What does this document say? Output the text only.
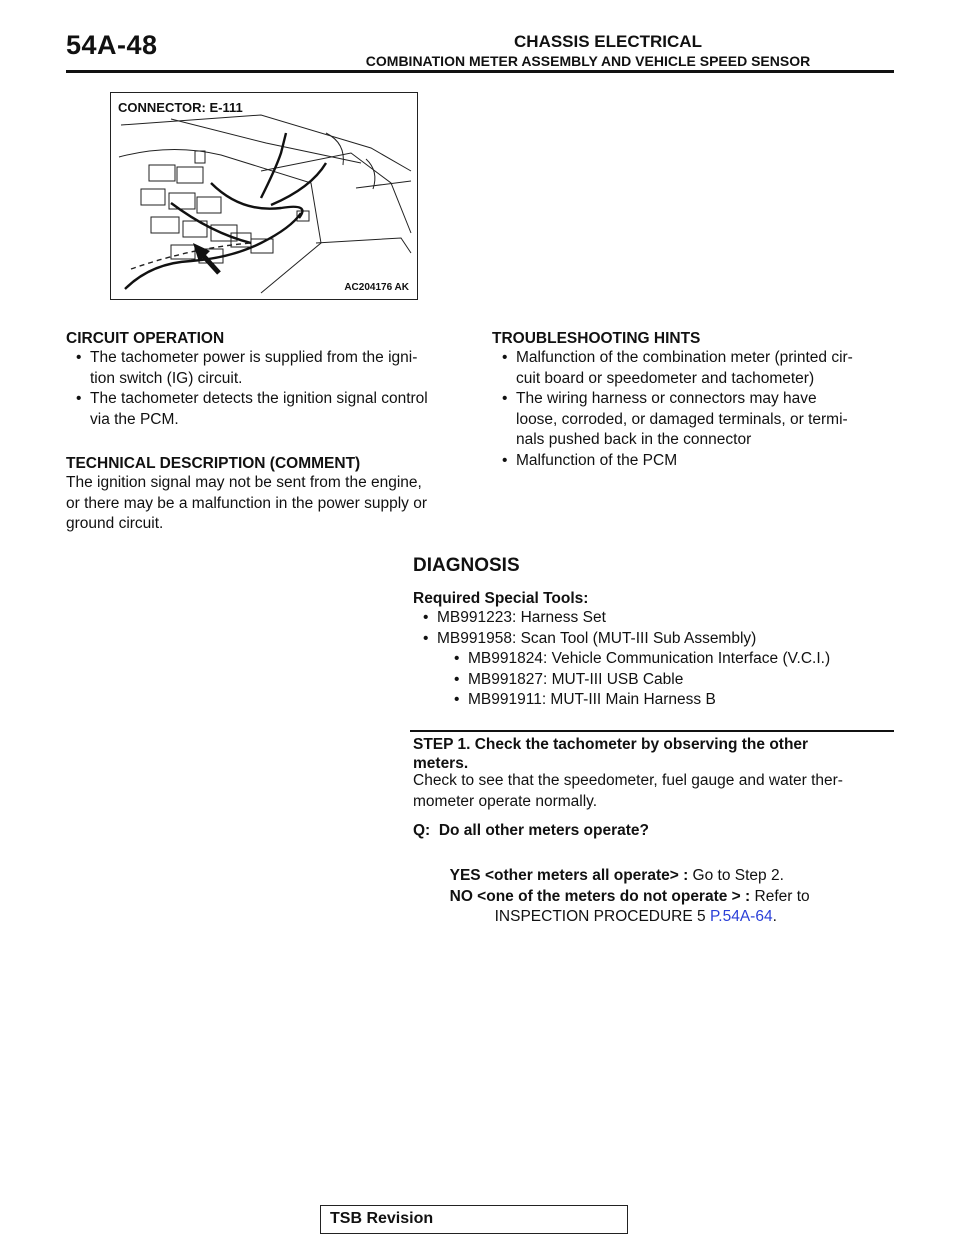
54A-48	CHASSIS ELECTRICAL
COMBINATION METER ASSEMBLY AND VEHICLE SPEED SENSOR
CONNECTOR: E-111
AC204176 AK
CIRCUIT OPERATION
• The tachometer power is supplied from the igni-
tion switch (IG) circuit.
• The tachometer detects the ignition signal control
via the PCM.
TECHNICAL DESCRIPTION (COMMENT)
The ignition signal may not be sent from the engine,
or there may be a malfunction in the power supply or
ground circuit.
TROUBLESHOOTING HINTS
• Malfunction of the combination meter (printed cir-
cuit board or speedometer and tachometer)
• The wiring harness or connectors may have
loose, corroded, or damaged terminals, or termi-
nals pushed back in the connector
• Malfunction of the PCM
DIAGNOSIS
Required Special Tools:
• MB991223: Harness Set
• MB991958: Scan Tool (MUT-III Sub Assembly)
• MB991824: Vehicle Communication Interface (V.C.I.)
• MB991827: MUT-III USB Cable
• MB991911: MUT-III Main Harness B
STEP 1. Check the tachometer by observing the other
meters.
Check to see that the speedometer, fuel gauge and water ther-
mometer operate normally.
Q:  Do all other meters operate?

YES <other meters all operate> : Go to Step 2.

NO <one of the meters do not operate > : Refer to

INSPECTION PROCEDURE 5 P.54A-64.

TSB Revision
